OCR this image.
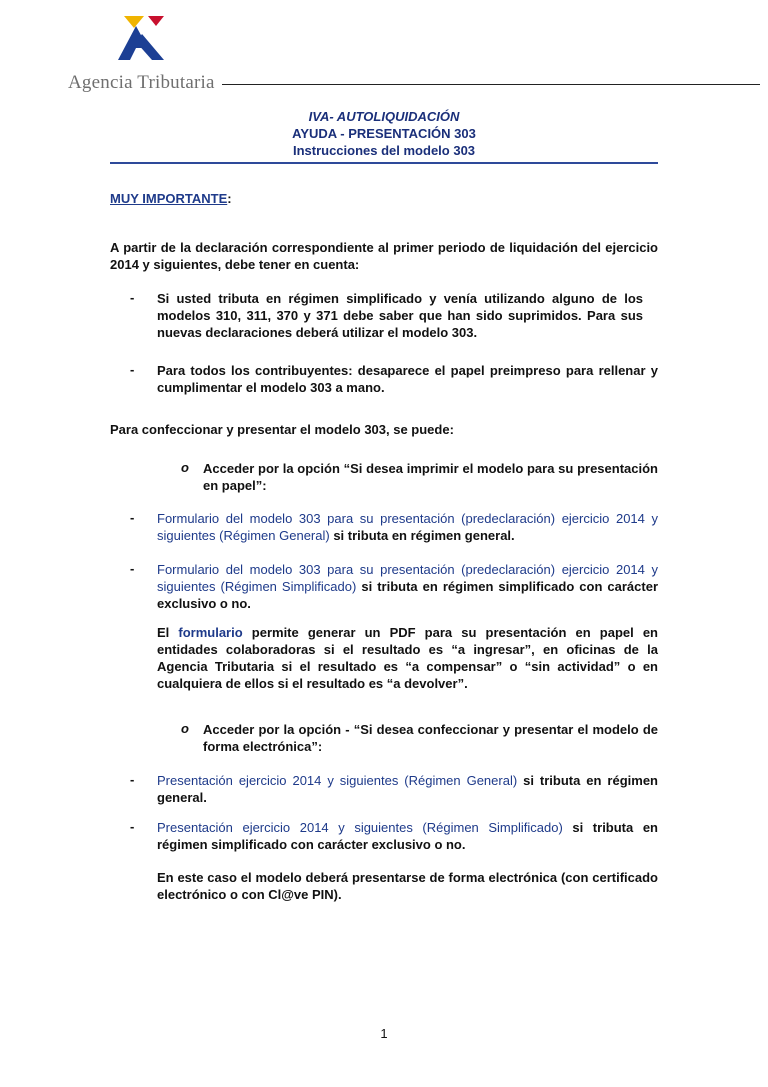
Agencia Tributaria
IVA- AUTOLIQUIDACIÓN
AYUDA - PRESENTACIÓN 303
Instrucciones del modelo 303
MUY IMPORTANTE:
A partir de la declaración correspondiente al primer periodo de liquidación del ejercicio 2014 y siguientes, debe tener en cuenta:
- Si usted tributa en régimen simplificado y venía utilizando alguno de los modelos 310, 311, 370 y 371 debe saber que han sido suprimidos. Para sus nuevas declaraciones deberá utilizar el modelo 303.
- Para todos los contribuyentes: desaparece el papel preimpreso para rellenar y cumplimentar el modelo 303 a mano.
Para confeccionar y presentar el modelo 303, se puede:
o Acceder por la opción “Si desea imprimir el modelo para su presentación en papel”:
- Formulario del modelo 303 para su presentación (predeclaración) ejercicio 2014 y siguientes (Régimen General) si tributa en régimen general.
- Formulario del modelo 303 para su presentación (predeclaración) ejercicio 2014 y siguientes (Régimen Simplificado) si tributa en régimen simplificado con carácter exclusivo o no.
El formulario permite generar un PDF para su presentación en papel en entidades colaboradoras si el resultado es “a ingresar”, en oficinas de la Agencia Tributaria si el resultado es “a compensar” o “sin actividad” o en cualquiera de ellos si el resultado es “a devolver”.
o Acceder por la opción - “Si desea confeccionar y presentar el modelo de forma electrónica”:
- Presentación ejercicio 2014 y siguientes (Régimen General) si tributa en régimen general.
- Presentación ejercicio 2014 y siguientes (Régimen Simplificado) si tributa en régimen simplificado con carácter exclusivo o no.
En este caso el modelo deberá presentarse de forma electrónica (con certificado electrónico o con Cl@ve PIN).
1
